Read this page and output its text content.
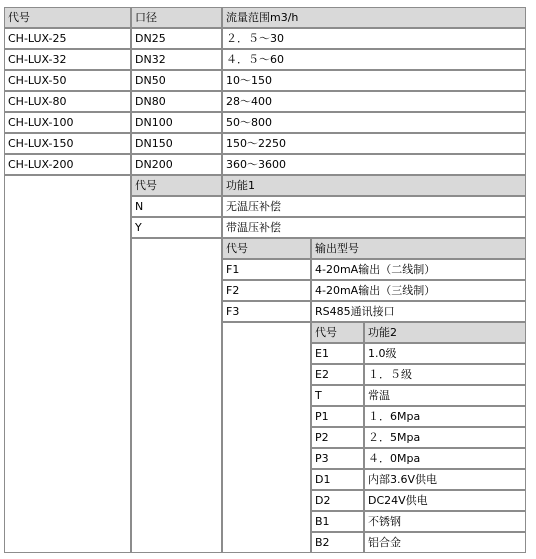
代号	口径	流量范围m3/h
CH-LUX-25	DN25	２．５～30
CH-LUX-32	DN32	４．５～60
CH-LUX-50	DN50	10～150
CH-LUX-80	DN80	28～400
CH-LUX-100	DN100	50～800
CH-LUX-150	DN150	150～2250
CH-LUX-200	DN200	360～3600
代号	功能1
N	无温压补偿
Y	带温压补偿
代号	输出型号
F1	4-20mA输出（二线制）
F2	4-20mA输出（三线制）
F3	RS485通讯接口
代号	功能2
E1	1.0级
E2	１．５级
T	常温
P1	１．6Mpa
P2	２．5Mpa
P3	４．0Mpa
D1	内部3.6V供电
D2	DC24V供电
B1	不锈钢
B2	铝合金
